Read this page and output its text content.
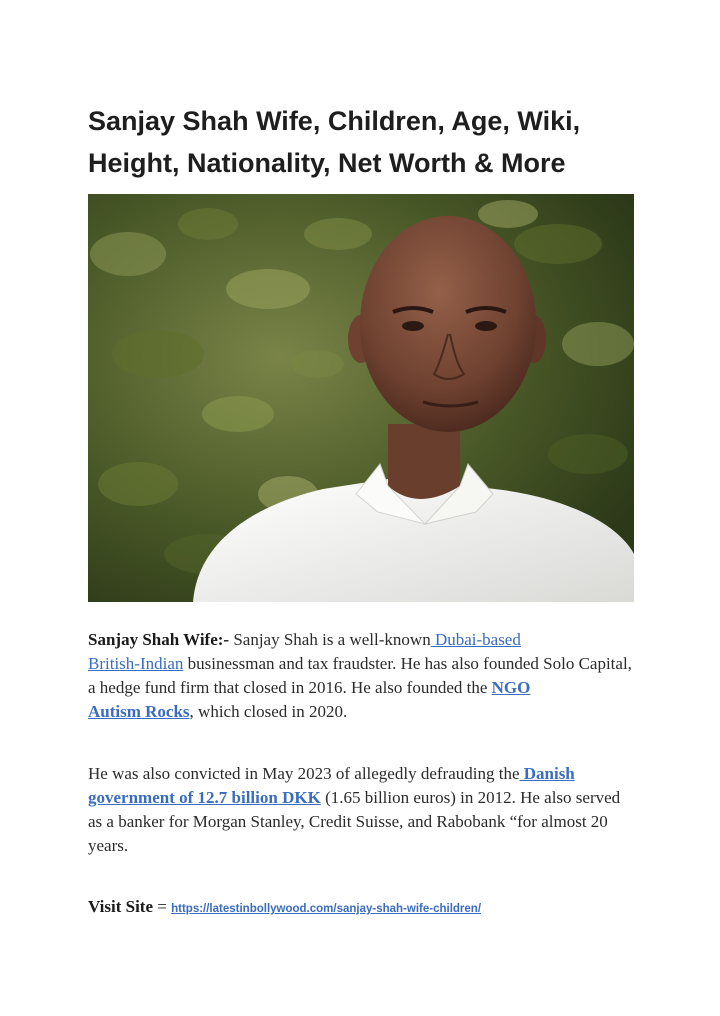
Sanjay Shah Wife, Children, Age, Wiki,
Height, Nationality, Net Worth & More

Sanjay Shah Wife:- Sanjay Shah is a well-known Dubai-based
British-Indian businessman and tax fraudster. He has also founded Solo Capital, a hedge fund firm that closed in 2016. He also founded the NGO
Autism Rocks, which closed in 2020.

He was also convicted in May 2023 of allegedly defrauding the Danish
government of 12.7 billion DKK (1.65 billion euros) in 2012. He also served as a banker for Morgan Stanley, Credit Suisse, and Rabobank “for almost 20 years.

Visit Site = https://latestinbollywood.com/sanjay-shah-wife-children/
